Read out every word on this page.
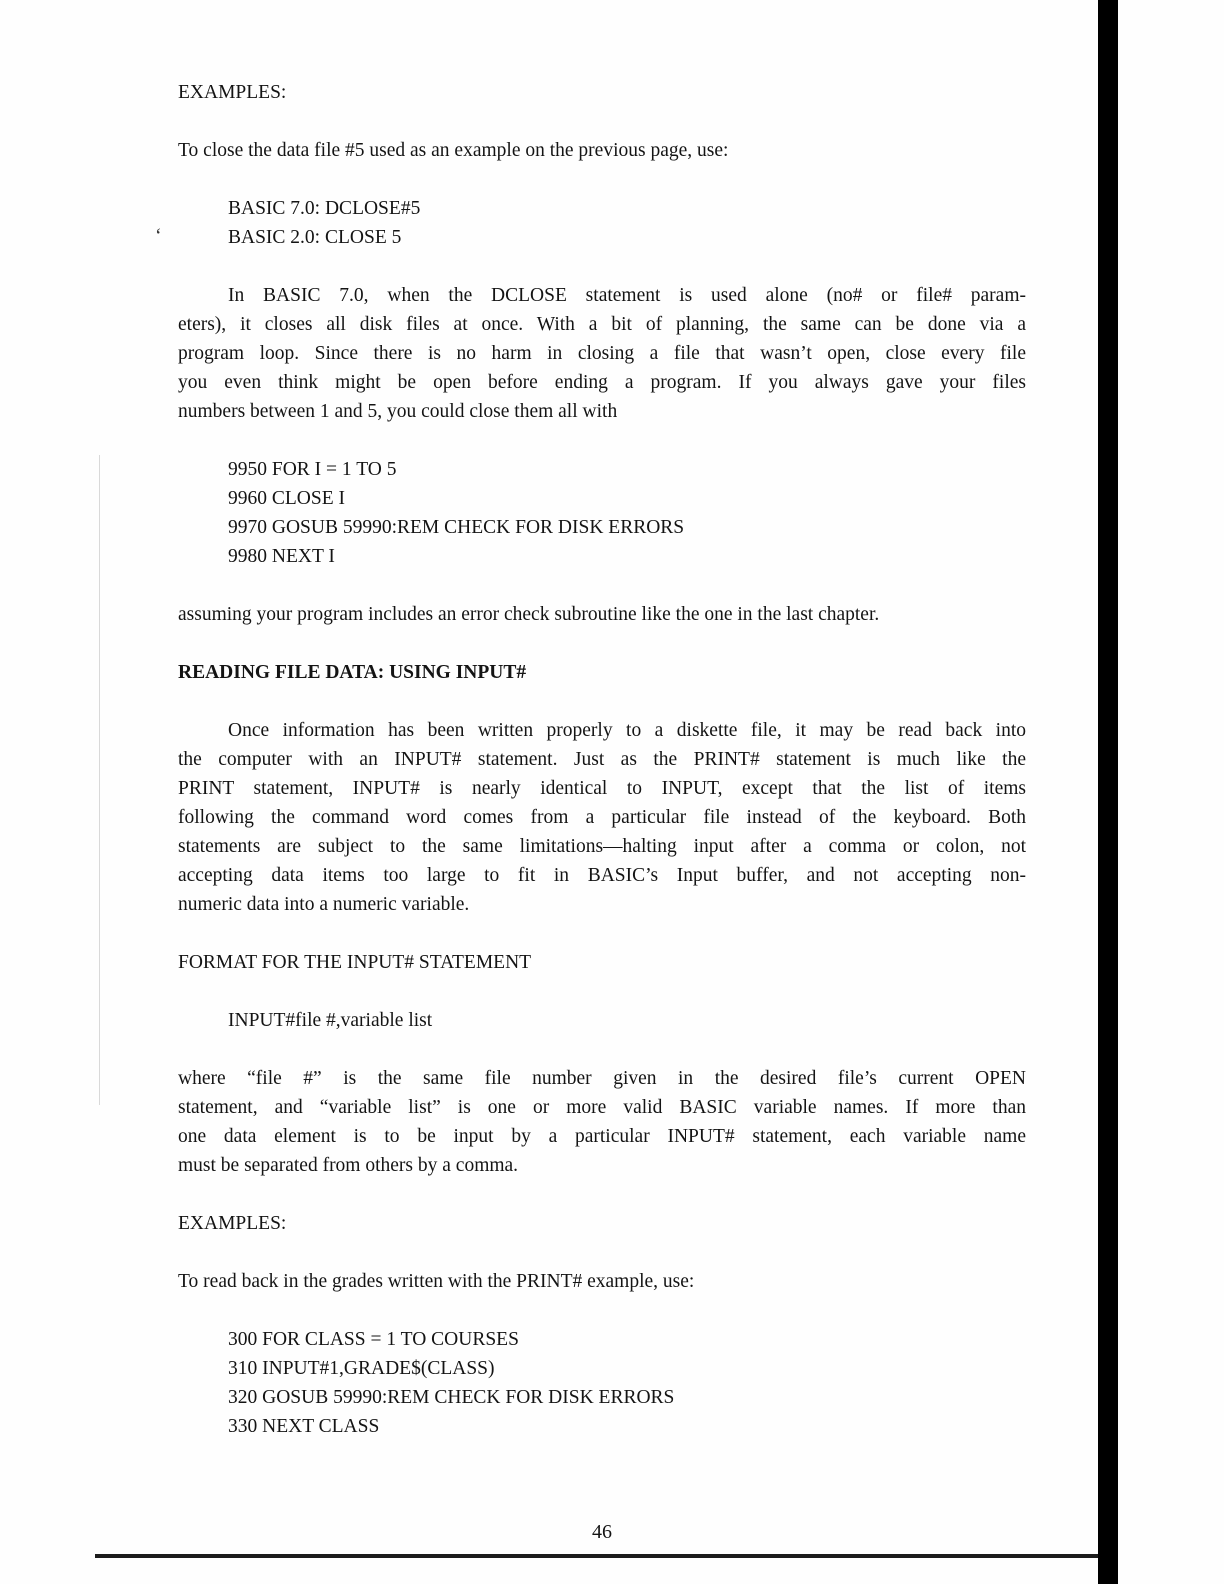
EXAMPLES:
To close the data file #5 used as an example on the previous page, use:
BASIC 7.0: DCLOSE#5
BASIC 2.0: CLOSE 5
In BASIC 7.0, when the DCLOSE statement is used alone (no# or file# param-
eters), it closes all disk files at once. With a bit of planning, the same can be done via a
program loop. Since there is no harm in closing a file that wasn’t open, close every file
you even think might be open before ending a program. If you always gave your files
numbers between 1 and 5, you could close them all with
9950 FOR I = 1 TO 5
9960 CLOSE I
9970 GOSUB 59990:REM CHECK FOR DISK ERRORS
9980 NEXT I
assuming your program includes an error check subroutine like the one in the last chapter.
READING FILE DATA: USING INPUT#
Once information has been written properly to a diskette file, it may be read back into
the computer with an INPUT# statement. Just as the PRINT# statement is much like the
PRINT statement, INPUT# is nearly identical to INPUT, except that the list of items
following the command word comes from a particular file instead of the keyboard. Both
statements are subject to the same limitations—halting input after a comma or colon, not
accepting data items too large to fit in BASIC’s Input buffer, and not accepting non-
numeric data into a numeric variable.
FORMAT FOR THE INPUT# STATEMENT
INPUT#file #,variable list
where “file #” is the same file number given in the desired file’s current OPEN
statement, and “variable list” is one or more valid BASIC variable names. If more than
one data element is to be input by a particular INPUT# statement, each variable name
must be separated from others by a comma.
EXAMPLES:
To read back in the grades written with the PRINT# example, use:
300 FOR CLASS = 1 TO COURSES
310 INPUT#1,GRADE$(CLASS)
320 GOSUB 59990:REM CHECK FOR DISK ERRORS
330 NEXT CLASS
46
‘
